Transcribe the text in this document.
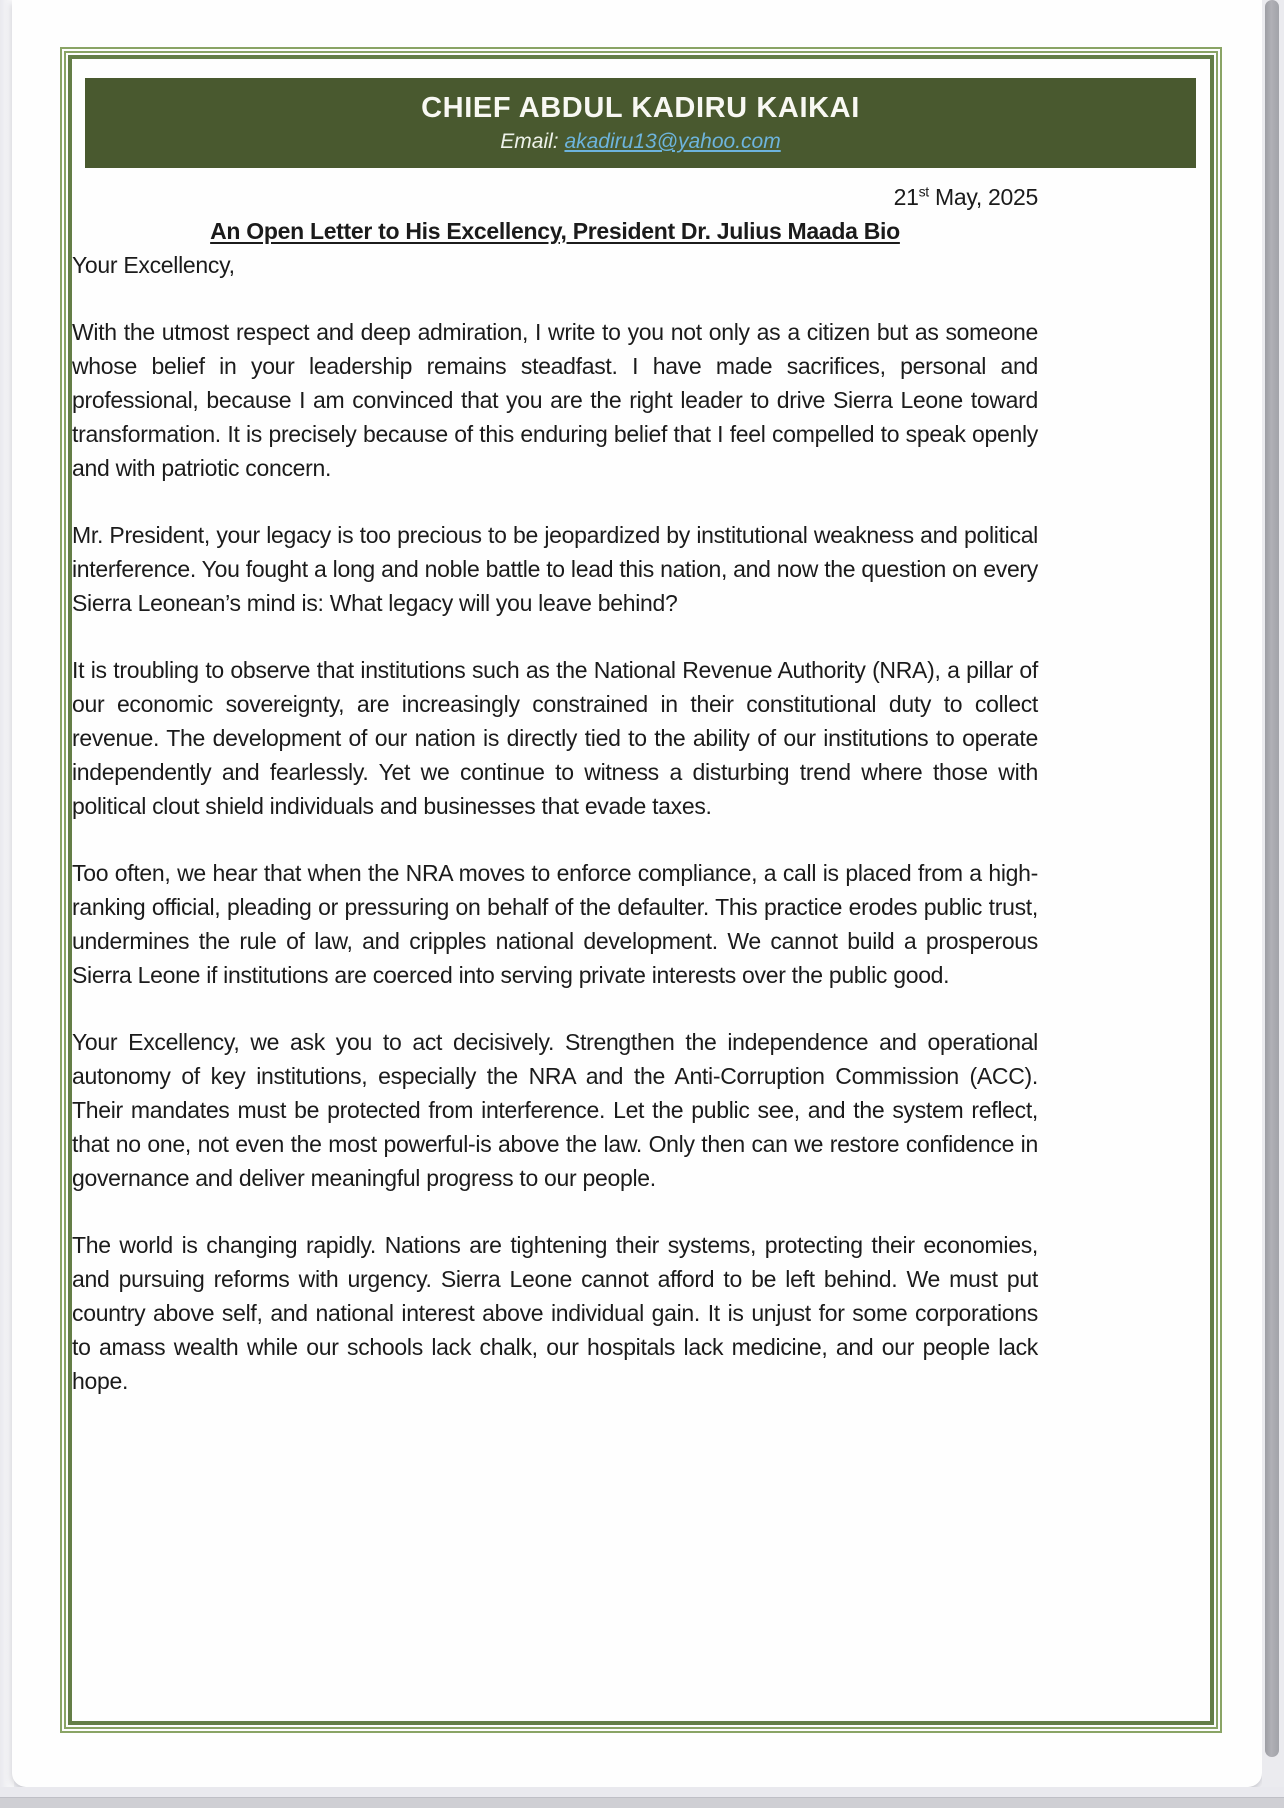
CHIEF ABDUL KADIRU KAIKAI
Email: akadiru13@yahoo.com
21st May, 2025
An Open Letter to His Excellency, President Dr. Julius Maada Bio
Your Excellency,
With the utmost respect and deep admiration, I write to you not only as a citizen but as someone whose belief in your leadership remains steadfast. I have made sacrifices, personal and professional, because I am convinced that you are the right leader to drive Sierra Leone toward transformation. It is precisely because of this enduring belief that I feel compelled to speak openly and with patriotic concern.
Mr. President, your legacy is too precious to be jeopardized by institutional weakness and political interference. You fought a long and noble battle to lead this nation, and now the question on every Sierra Leonean’s mind is: What legacy will you leave behind?
It is troubling to observe that institutions such as the National Revenue Authority (NRA), a pillar of our economic sovereignty, are increasingly constrained in their constitutional duty to collect revenue. The development of our nation is directly tied to the ability of our institutions to operate independently and fearlessly. Yet we continue to witness a disturbing trend where those with political clout shield individuals and businesses that evade taxes.
Too often, we hear that when the NRA moves to enforce compliance, a call is placed from a high-ranking official, pleading or pressuring on behalf of the defaulter. This practice erodes public trust, undermines the rule of law, and cripples national development. We cannot build a prosperous Sierra Leone if institutions are coerced into serving private interests over the public good.
Your Excellency, we ask you to act decisively. Strengthen the independence and operational autonomy of key institutions, especially the NRA and the Anti-Corruption Commission (ACC). Their mandates must be protected from interference. Let the public see, and the system reflect, that no one, not even the most powerful-is above the law. Only then can we restore confidence in governance and deliver meaningful progress to our people.
The world is changing rapidly. Nations are tightening their systems, protecting their economies, and pursuing reforms with urgency. Sierra Leone cannot afford to be left behind. We must put country above self, and national interest above individual gain. It is unjust for some corporations to amass wealth while our schools lack chalk, our hospitals lack medicine, and our people lack hope.
